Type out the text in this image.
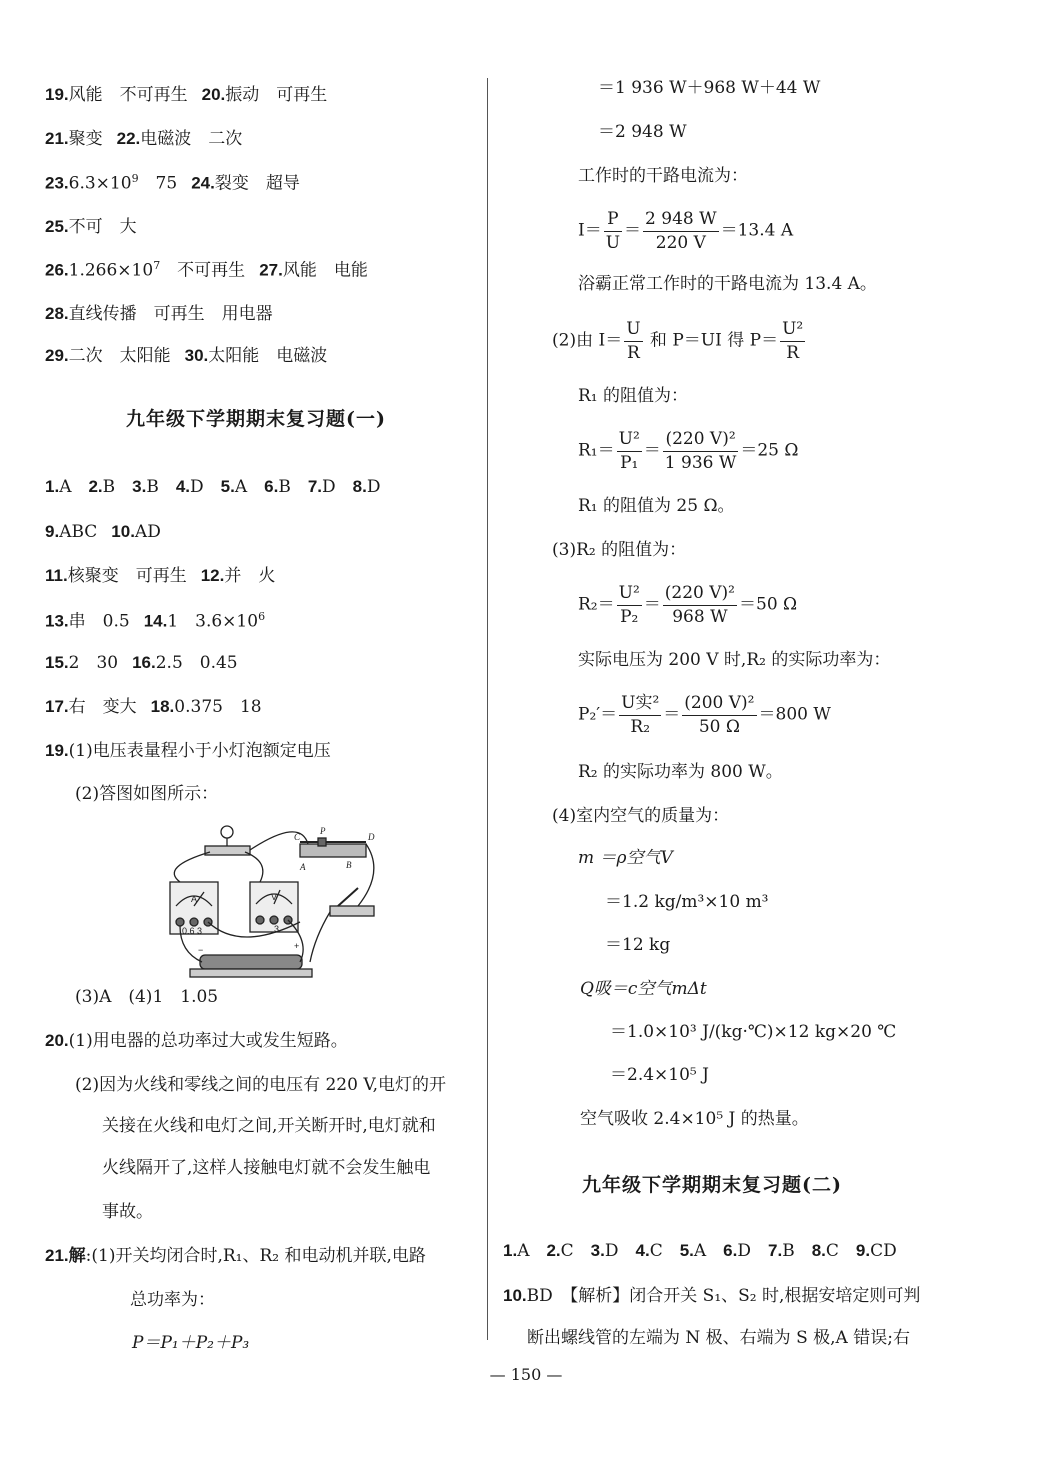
19.风能　不可再生 20.振动　可再生
21.聚变 22.电磁波　二次
$23.6.3\times 10^9$　75 24.裂变　超导
25.不可　大
$26.1.266\times 10^7$　不可再生 27.风能　电能
28.直线传播　可再生　用电器
29.二次　太阳能 30.太阳能　电磁波
九年级下学期期末复习题(一)
1.A　 2.B　 3.B　 4.D　 5.A　 6.B　 7.D　 8.D
9.ABC 10.AD
11.核聚变　可再生 12.并　火
13.串　0.5 14.1　$3.6\times 10^6$
15.2　30 16.2.5　0.45
17.右　变大 18.0.375　18
19.(1)电压表量程小于小灯泡额定电压
(2)答图如图所示：
C
P
D
A	B
V
A
0.6 3	3
−	+
(3)A　(4)1　1.05
20.(1)用电器的总功率过大或发生短路。
(2)因为火线和零线之间的电压有 220 V,电灯的开
关接在火线和电灯之间,开关断开时,电灯就和
火线隔开了,这样人接触电灯就不会发生触电
事故。
21.解:(1)开关均闭合时,R₁、R₂ 和电动机并联,电路
总功率为：
P＝P₁＋P₂＋P₃
＝1 936 W＋968 W＋44 W
＝2 948 W
工作时的干路电流为：
$I= \frac{P}{U} = \frac{2 948 W}{220 V} =13.4$ A
浴霸正常工作时的干路电流为 13.4 A。
(2)由 $I= \frac{U}{R}$ 和 P＝UI 得 $P= \frac{\text{U²}}{R}$
R₁ 的阻值为：
$R_1= \frac{\text{U²}}{\text{P₁}} = \frac{\text{(220 V)²}}{1 936 W} =25$ Ω
R₁ 的阻值为 25 Ω。
(3)R₂ 的阻值为：
$R_2= \frac{\text{U²}}{\text{P₂}} = \frac{\text{(220 V)²}}{968 W} =50$ Ω
实际电压为 200 V 时,R₂ 的实际功率为：
$P_2'= \frac{\text{U实²}}{\text{R₂}} = \frac{\text{(200 V)²}}{50 \Omega} =800$ W
R₂ 的实际功率为 800 W。
(4)室内空气的质量为：
m ＝ρ空气V
＝1.2 kg/m³×10 m³
＝12 kg
Q吸＝c空气mΔt
＝1.0×10³ J/(kg·℃)×12 kg×20 ℃
＝2.4×10⁵ J
空气吸收 2.4×10⁵ J 的热量。
九年级下学期期末复习题(二)
1.A　 2.C　 3.D　 4.C　 5.A　 6.D　 7.B　 8.C　 9.CD
10.BD　【解析】闭合开关 S₁、S₂ 时,根据安培定则可判
断出螺线管的左端为 N 极、右端为 S 极,A 错误;右
— 150 —
